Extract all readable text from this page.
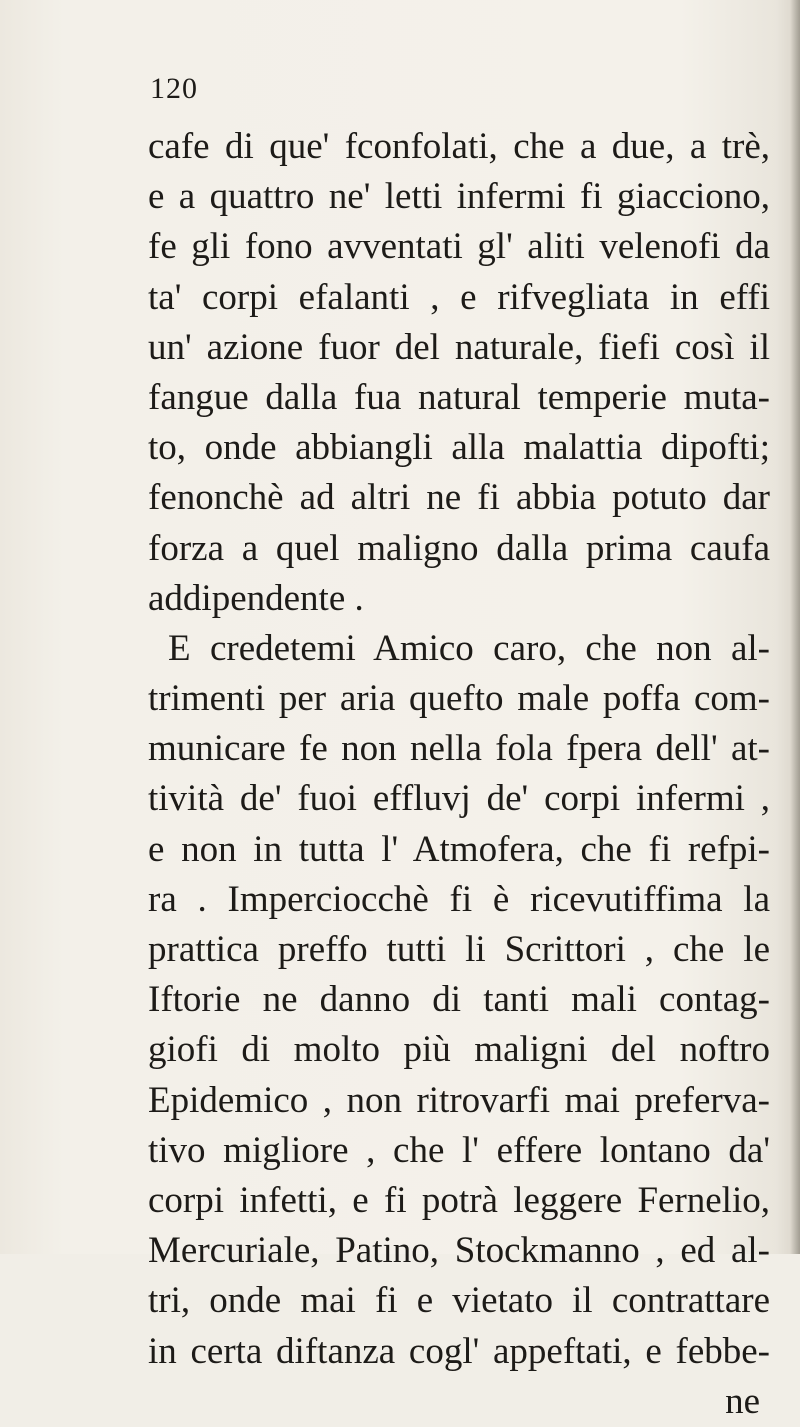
120
cafe di que' fconfolati, che a due, a trè,
e a quattro ne' letti infermi fi giacciono,
fe gli fono avventati gl' aliti velenofi da
ta' corpi efalanti , e rifvegliata in effi
un' azione fuor del naturale, fiefi così il
fangue dalla fua natural temperie muta-
to, onde abbiangli alla malattia dipofti;
fenonchè ad altri ne fi abbia potuto dar
forza a quel maligno dalla prima caufa
addipendente .
E credetemi Amico caro, che non al-
trimenti per aria quefto male poffa com-
municare fe non nella fola fpera dell' at-
tività de' fuoi effluvj de' corpi infermi ,
e non in tutta l' Atmofera, che fi refpi-
ra . Imperciocchè fi è ricevutiffima la
prattica preffo tutti li Scrittori , che le
Iftorie ne danno di tanti mali contag-
giofi di molto più maligni del noftro
Epidemico , non ritrovarfi mai preferva-
tivo migliore , che l' effere lontano da'
corpi infetti, e fi potrà leggere Fernelio,
Mercuriale, Patino, Stockmanno , ed al-
tri, onde mai fi e vietato il contrattare
in certa diftanza cogl' appeftati, e febbe-
ne
